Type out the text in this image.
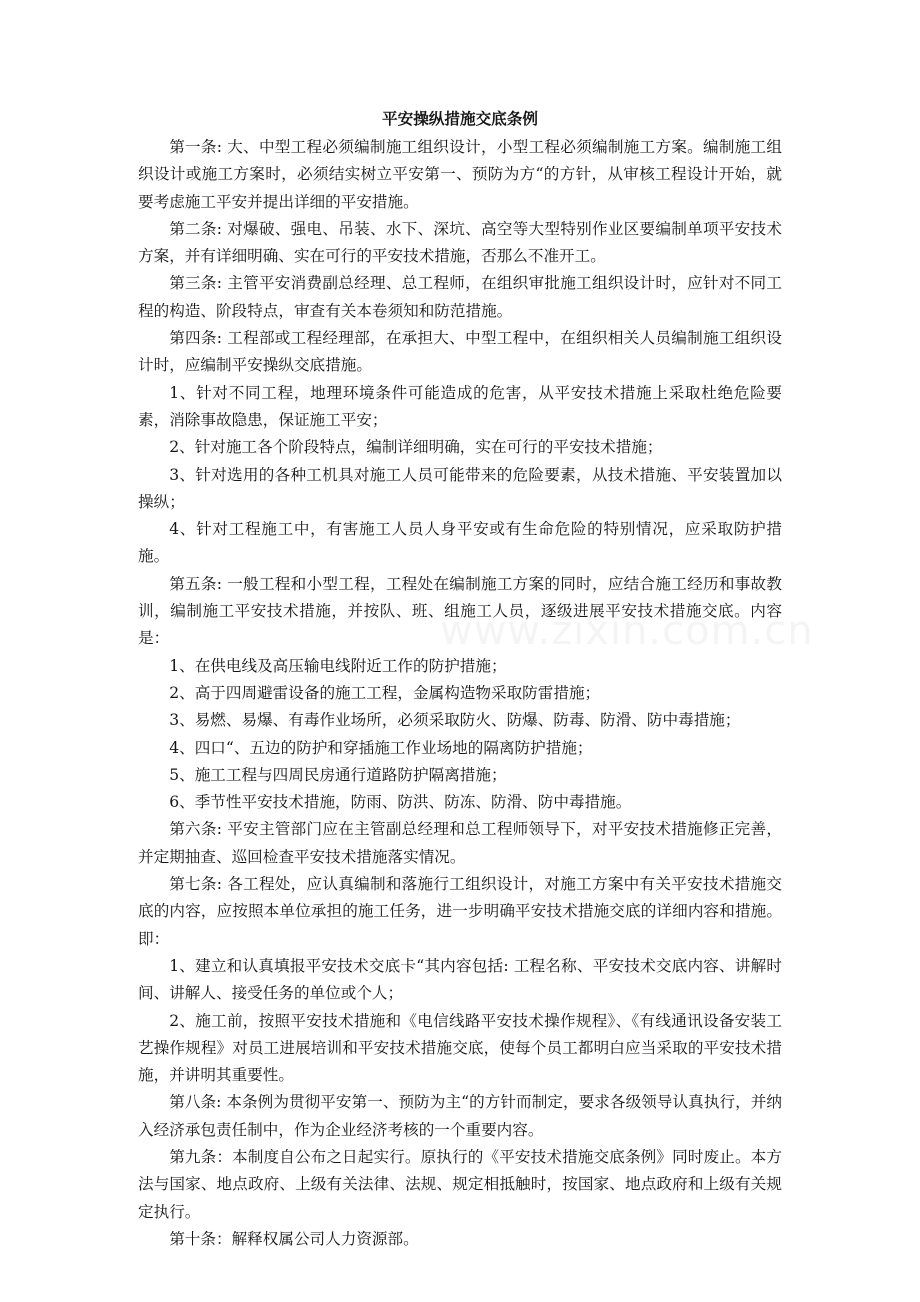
平安操纵措施交底条例

第一条: 大、中型工程必须编制施工组织设计，小型工程必须编制施工方案。编制施工组织设计或施工方案时，必须结实树立平安第一、预防为方“的方针，从审核工程设计开始，就要考虑施工平安并提出详细的平安措施。

第二条: 对爆破、强电、吊装、水下、深坑、高空等大型特别作业区要编制单项平安技术方案，并有详细明确、实在可行的平安技术措施，否那么不准开工。

第三条: 主管平安消费副总经理、总工程师，在组织审批施工组织设计时，应针对不同工程的构造、阶段特点，审查有关本卷须知和防范措施。

第四条: 工程部或工程经理部，在承担大、中型工程中，在组织相关人员编制施工组织设计时，应编制平安操纵交底措施。

1、针对不同工程，地理环境条件可能造成的危害，从平安技术措施上采取杜绝危险要素，消除事故隐患，保证施工平安；

2、针对施工各个阶段特点，编制详细明确，实在可行的平安技术措施；

3、针对选用的各种工机具对施工人员可能带来的危险要素，从技术措施、平安装置加以操纵；

4、针对工程施工中，有害施工人员人身平安或有生命危险的特别情况，应采取防护措施。

第五条: 一般工程和小型工程，工程处在编制施工方案的同时，应结合施工经历和事故教训，编制施工平安技术措施，并按队、班、组施工人员，逐级进展平安技术措施交底。内容是：

1、在供电线及高压输电线附近工作的防护措施；

2、高于四周避雷设备的施工工程，金属构造物采取防雷措施；

3、易燃、易爆、有毒作业场所，必须采取防火、防爆、防毒、防滑、防中毒措施；

4、四口“、五边的防护和穿插施工作业场地的隔离防护措施；

5、施工工程与四周民房通行道路防护隔离措施；

6、季节性平安技术措施，防雨、防洪、防冻、防滑、防中毒措施。

第六条: 平安主管部门应在主管副总经理和总工程师领导下，对平安技术措施修正完善，并定期抽查、巡回检查平安技术措施落实情况。

第七条: 各工程处，应认真编制和落施行工组织设计，对施工方案中有关平安技术措施交底的内容，应按照本单位承担的施工任务，进一步明确平安技术措施交底的详细内容和措施。即：

1、建立和认真填报平安技术交底卡“其内容包括: 工程名称、平安技术交底内容、讲解时间、讲解人、接受任务的单位或个人；

2、施工前，按照平安技术措施和《电信线路平安技术操作规程》、《有线通讯设备安装工艺操作规程》对员工进展培训和平安技术措施交底，使每个员工都明白应当采取的平安技术措施，并讲明其重要性。

第八条: 本条例为贯彻平安第一、预防为主“的方针而制定，要求各级领导认真执行，并纳入经济承包责任制中，作为企业经济考核的一个重要内容。

第九条：本制度自公布之日起实行。原执行的《平安技术措施交底条例》同时废止。本方法与国家、地点政府、上级有关法律、法规、规定相抵触时，按国家、地点政府和上级有关规定执行。

第十条：解释权属公司人力资源部。
